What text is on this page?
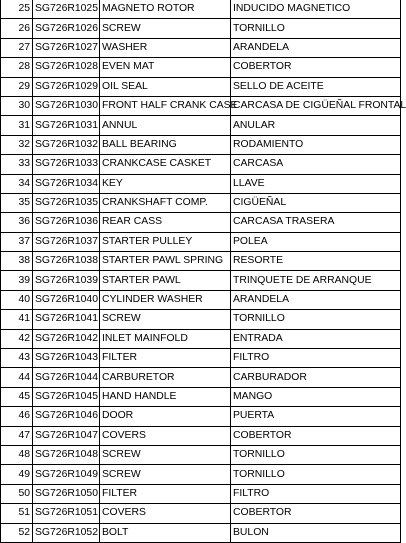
25	SG726R1025	MAGNETO ROTOR	INDUCIDO MAGNETICO
26	SG726R1026	SCREW	TORNILLO
27	SG726R1027	WASHER	ARANDELA
28	SG726R1028	EVEN MAT	COBERTOR
29	SG726R1029	OIL SEAL	SELLO DE ACEITE
30	SG726R1030	FRONT HALF CRANK CASE	CARCASA DE CIGÜEÑAL FRONTAL
31	SG726R1031	ANNUL	ANULAR
32	SG726R1032	BALL BEARING	RODAMIENTO
33	SG726R1033	CRANKCASE CASKET	CARCASA
34	SG726R1034	KEY	LLAVE
35	SG726R1035	CRANKSHAFT COMP.	CIGÜEÑAL
36	SG726R1036	REAR CASS	CARCASA TRASERA
37	SG726R1037	STARTER PULLEY	POLEA
38	SG726R1038	STARTER PAWL SPRING	RESORTE
39	SG726R1039	STARTER PAWL	TRINQUETE DE ARRANQUE
40	SG726R1040	CYLINDER WASHER	ARANDELA
41	SG726R1041	SCREW	TORNILLO
42	SG726R1042	INLET MAINFOLD	ENTRADA
43	SG726R1043	FILTER	FILTRO
44	SG726R1044	CARBURETOR	CARBURADOR
45	SG726R1045	HAND HANDLE	MANGO
46	SG726R1046	DOOR	PUERTA
47	SG726R1047	COVERS	COBERTOR
48	SG726R1048	SCREW	TORNILLO
49	SG726R1049	SCREW	TORNILLO
50	SG726R1050	FILTER	FILTRO
51	SG726R1051	COVERS	COBERTOR
52	SG726R1052	BOLT	BULON
